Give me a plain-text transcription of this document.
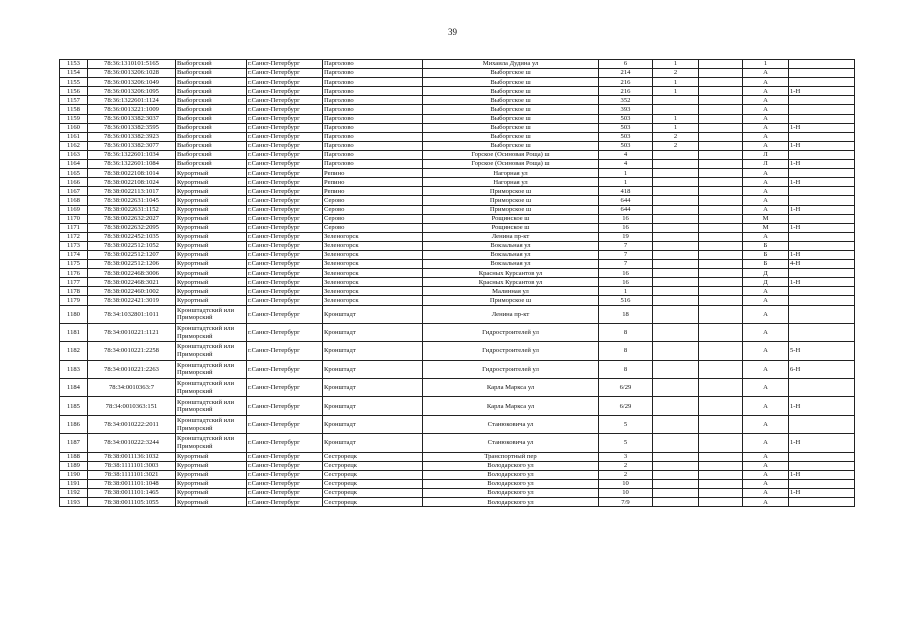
39
1153	78:36:1310101:5165	Выборгский	г.Санкт-Петербург	Парголово	Михаила Дудина ул	6	1		1	
1154	78:36:0013206:1028	Выборгский	г.Санкт-Петербург	Парголово	Выборгское ш	214	2		А	
1155	78:36:0013206:1049	Выборгский	г.Санкт-Петербург	Парголово	Выборгское ш	216	1		А	
1156	78:36:0013206:1095	Выборгский	г.Санкт-Петербург	Парголово	Выборгское ш	216	1		А	1-Н
1157	78:36:1322601:1124	Выборгский	г.Санкт-Петербург	Парголово	Выборгское ш	352			А	
1158	78:36:0013221:1009	Выборгский	г.Санкт-Петербург	Парголово	Выборгское ш	393			А	
1159	78:36:0013382:3037	Выборгский	г.Санкт-Петербург	Парголово	Выборгское ш	503	1		А	
1160	78:36:0013382:3595	Выборгский	г.Санкт-Петербург	Парголово	Выборгское ш	503	1		А	1-Н
1161	78:36:0013382:3923	Выборгский	г.Санкт-Петербург	Парголово	Выборгское ш	503	2		А	
1162	78:36:0013382:3077	Выборгский	г.Санкт-Петербург	Парголово	Выборгское ш	503	2		А	1-Н
1163	78:36:1322601:1034	Выборгский	г.Санкт-Петербург	Парголово	Горское (Осиновая Роща) ш	4			Л	
1164	78:36:1322601:1084	Выборгский	г.Санкт-Петербург	Парголово	Горское (Осиновая Роща) ш	4			Л	1-Н
1165	78:38:0022108:1014	Курортный	г.Санкт-Петербург	Репино	Нагорная ул	1			А	
1166	78:38:0022108:1024	Курортный	г.Санкт-Петербург	Репино	Нагорная ул	1			А	1-Н
1167	78:38:0022113:1017	Курортный	г.Санкт-Петербург	Репино	Приморское ш	418			А	
1168	78:38:0022631:1045	Курортный	г.Санкт-Петербург	Серово	Приморское ш	644			А	
1169	78:38:0022631:1152	Курортный	г.Санкт-Петербург	Серово	Приморское ш	644			А	1-Н
1170	78:38:0022632:2027	Курортный	г.Санкт-Петербург	Серово	Рощинское ш	16			М	
1171	78:38:0022632:2095	Курортный	г.Санкт-Петербург	Серово	Рощинское ш	16			М	1-Н
1172	78:38:0022452:1035	Курортный	г.Санкт-Петербург	Зеленогорск	Ленина пр-кт	19			А	
1173	78:38:0022512:1052	Курортный	г.Санкт-Петербург	Зеленогорск	Вокзальная ул	7			Б	
1174	78:38:0022512:1207	Курортный	г.Санкт-Петербург	Зеленогорск	Вокзальная ул	7			Б	1-Н
1175	78:38:0022512:1206	Курортный	г.Санкт-Петербург	Зеленогорск	Вокзальная ул	7			Б	4-Н
1176	78:38:0022468:3006	Курортный	г.Санкт-Петербург	Зеленогорск	Красных Курсантов ул	16			Д	
1177	78:38:0022468:3021	Курортный	г.Санкт-Петербург	Зеленогорск	Красных Курсантов ул	16			Д	1-Н
1178	78:38:0022460:1002	Курортный	г.Санкт-Петербург	Зеленогорск	Малинная ул	1			А	
1179	78:38:0022421:3019	Курортный	г.Санкт-Петербург	Зеленогорск	Приморское ш	516			А	
1180	78:34:1032801:1011	Кронштадтский или Приморский	г.Санкт-Петербург	Кронштадт	Ленина пр-кт	18			А	
1181	78:34:0010221:1121	Кронштадтский или Приморский	г.Санкт-Петербург	Кронштадт	Гидростроителей ул	8			А	
1182	78:34:0010221:2258	Кронштадтский или Приморский	г.Санкт-Петербург	Кронштадт	Гидростроителей ул	8			А	5-Н
1183	78:34:0010221:2263	Кронштадтский или Приморский	г.Санкт-Петербург	Кронштадт	Гидростроителей ул	8			А	6-Н
1184	78:34:0010363:7	Кронштадтский или Приморский	г.Санкт-Петербург	Кронштадт	Карла Маркса ул	6/29			А	
1185	78:34:0010363:151	Кронштадтский или Приморский	г.Санкт-Петербург	Кронштадт	Карла Маркса ул	6/29			А	1-Н
1186	78:34:0010222:2011	Кронштадтский или Приморский	г.Санкт-Петербург	Кронштадт	Станюковича ул	5			А	
1187	78:34:0010222:3244	Кронштадтский или Приморский	г.Санкт-Петербург	Кронштадт	Станюковича ул	5			А	1-Н
1188	78:38:0011136:1032	Курортный	г.Санкт-Петербург	Сестрорецк	Транспортный пер	3			А	
1189	78:38:1111101:3003	Курортный	г.Санкт-Петербург	Сестрорецк	Володарского ул	2			А	
1190	78:38:1111101:3021	Курортный	г.Санкт-Петербург	Сестрорецк	Володарского ул	2			А	1-Н
1191	78:38:0011101:1048	Курортный	г.Санкт-Петербург	Сестрорецк	Володарского ул	10			А	
1192	78:38:0011101:1465	Курортный	г.Санкт-Петербург	Сестрорецк	Володарского ул	10			А	1-Н
1193	78:38:0011105:1055	Курортный	г.Санкт-Петербург	Сестрорецк	Володарского ул	7/9			А	
